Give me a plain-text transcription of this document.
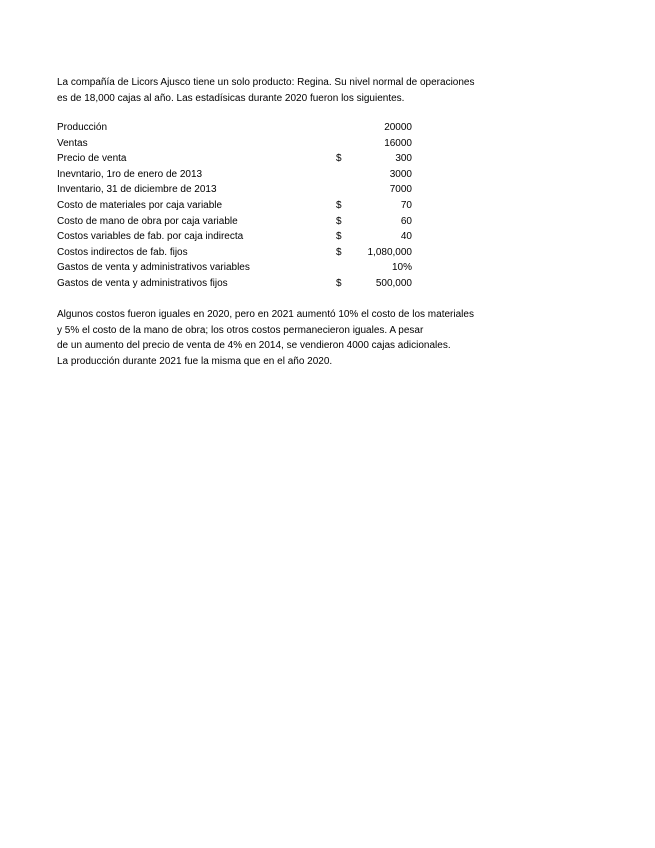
La compañía de Licors Ajusco tiene un solo producto: Regina. Su nivel normal de operaciones
es de 18,000 cajas al año. Las estadísicas durante 2020 fueron los siguientes.
Producción	20000
Ventas	16000
Precio de venta	$	300
Inevntario, 1ro de enero de 2013	3000
Inventario, 31 de diciembre de 2013	7000
Costo de materiales por caja variable	$	70
Costo de mano de obra por caja variable	$	60
Costos variables de fab. por caja indirecta	$	40
Costos indirectos de fab. fijos	$	1,080,000
Gastos de venta y administrativos variables	10%
Gastos de venta y administrativos fijos	$	500,000
Algunos costos fueron iguales en 2020, pero en 2021 aumentó 10% el costo de los materiales
y 5% el costo de la mano de obra; los otros costos permanecieron iguales. A pesar
de un aumento del precio de venta de 4% en 2014, se vendieron 4000 cajas adicionales.
La producción durante 2021 fue la misma que en el año 2020.
